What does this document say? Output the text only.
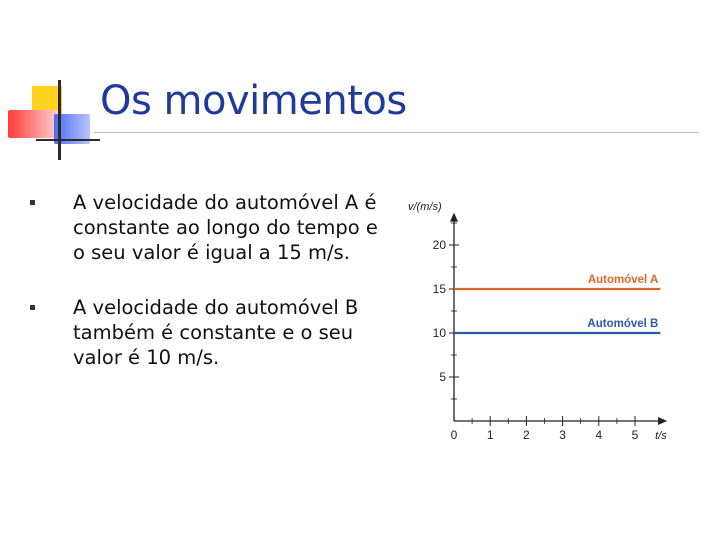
Os movimentos
A velocidade do automóvel A é constante ao longo do tempo e o seu valor é igual a 15 m/s.
A velocidade do automóvel B também é constante e o seu valor é 10 m/s.
0 1 2 3 4 5
5
10
15
20
v/(m/s)
t/s
Automóvel A
Automóvel B
